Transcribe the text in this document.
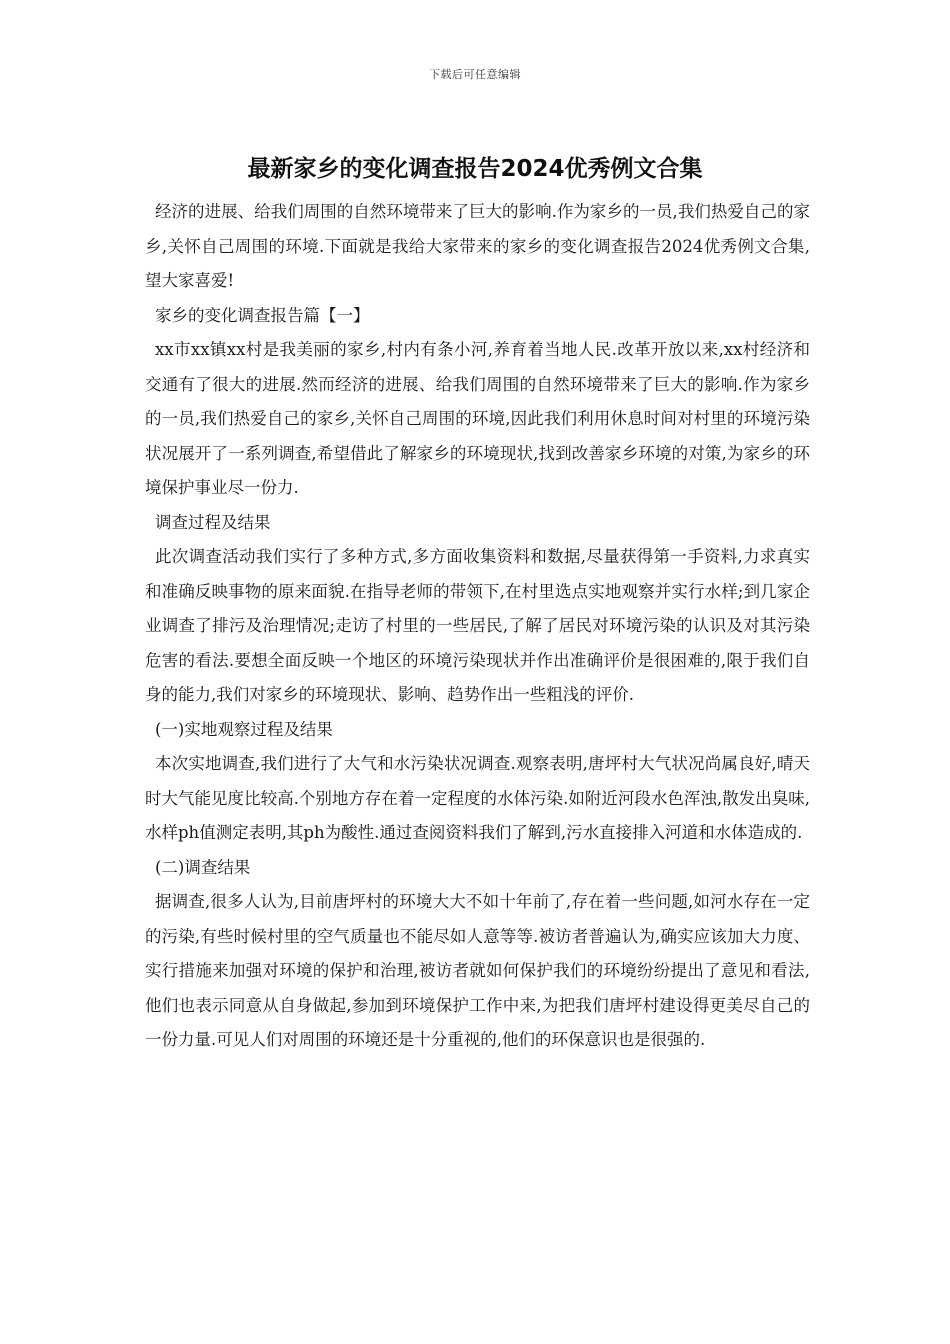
下载后可任意编辑
最新家乡的变化调查报告2024优秀例文合集

经济的进展、给我们周围的自然环境带来了巨大的影响.作为家乡的一员,我们热爱自己的家乡,关怀自己周围的环境.下面就是我给大家带来的家乡的变化调查报告2024优秀例文合集,望大家喜爱!

家乡的变化调查报告篇【一】

xx市xx镇xx村是我美丽的家乡,村内有条小河,养育着当地人民.改革开放以来,xx村经济和交通有了很大的进展.然而经济的进展、给我们周围的自然环境带来了巨大的影响.作为家乡的一员,我们热爱自己的家乡,关怀自己周围的环境,因此我们利用休息时间对村里的环境污染状况展开了一系列调查,希望借此了解家乡的环境现状,找到改善家乡环境的对策,为家乡的环境保护事业尽一份力.

调查过程及结果

此次调查活动我们实行了多种方式,多方面收集资料和数据,尽量获得第一手资料,力求真实和准确反映事物的原来面貌.在指导老师的带领下,在村里选点实地观察并实行水样;到几家企业调查了排污及治理情况;走访了村里的一些居民,了解了居民对环境污染的认识及对其污染危害的看法.要想全面反映一个地区的环境污染现状并作出准确评价是很困难的,限于我们自身的能力,我们对家乡的环境现状、影响、趋势作出一些粗浅的评价.

(一)实地观察过程及结果

本次实地调查,我们进行了大气和水污染状况调查.观察表明,唐坪村大气状况尚属良好,晴天时大气能见度比较高.个别地方存在着一定程度的水体污染.如附近河段水色浑浊,散发出臭味,水样ph值测定表明,其ph为酸性.通过查阅资料我们了解到,污水直接排入河道和水体造成的.

(二)调查结果

据调查,很多人认为,目前唐坪村的环境大大不如十年前了,存在着一些问题,如河水存在一定的污染,有些时候村里的空气质量也不能尽如人意等等.被访者普遍认为,确实应该加大力度、实行措施来加强对环境的保护和治理,被访者就如何保护我们的环境纷纷提出了意见和看法,他们也表示同意从自身做起,参加到环境保护工作中来,为把我们唐坪村建设得更美尽自己的一份力量.可见人们对周围的环境还是十分重视的,他们的环保意识也是很强的.
